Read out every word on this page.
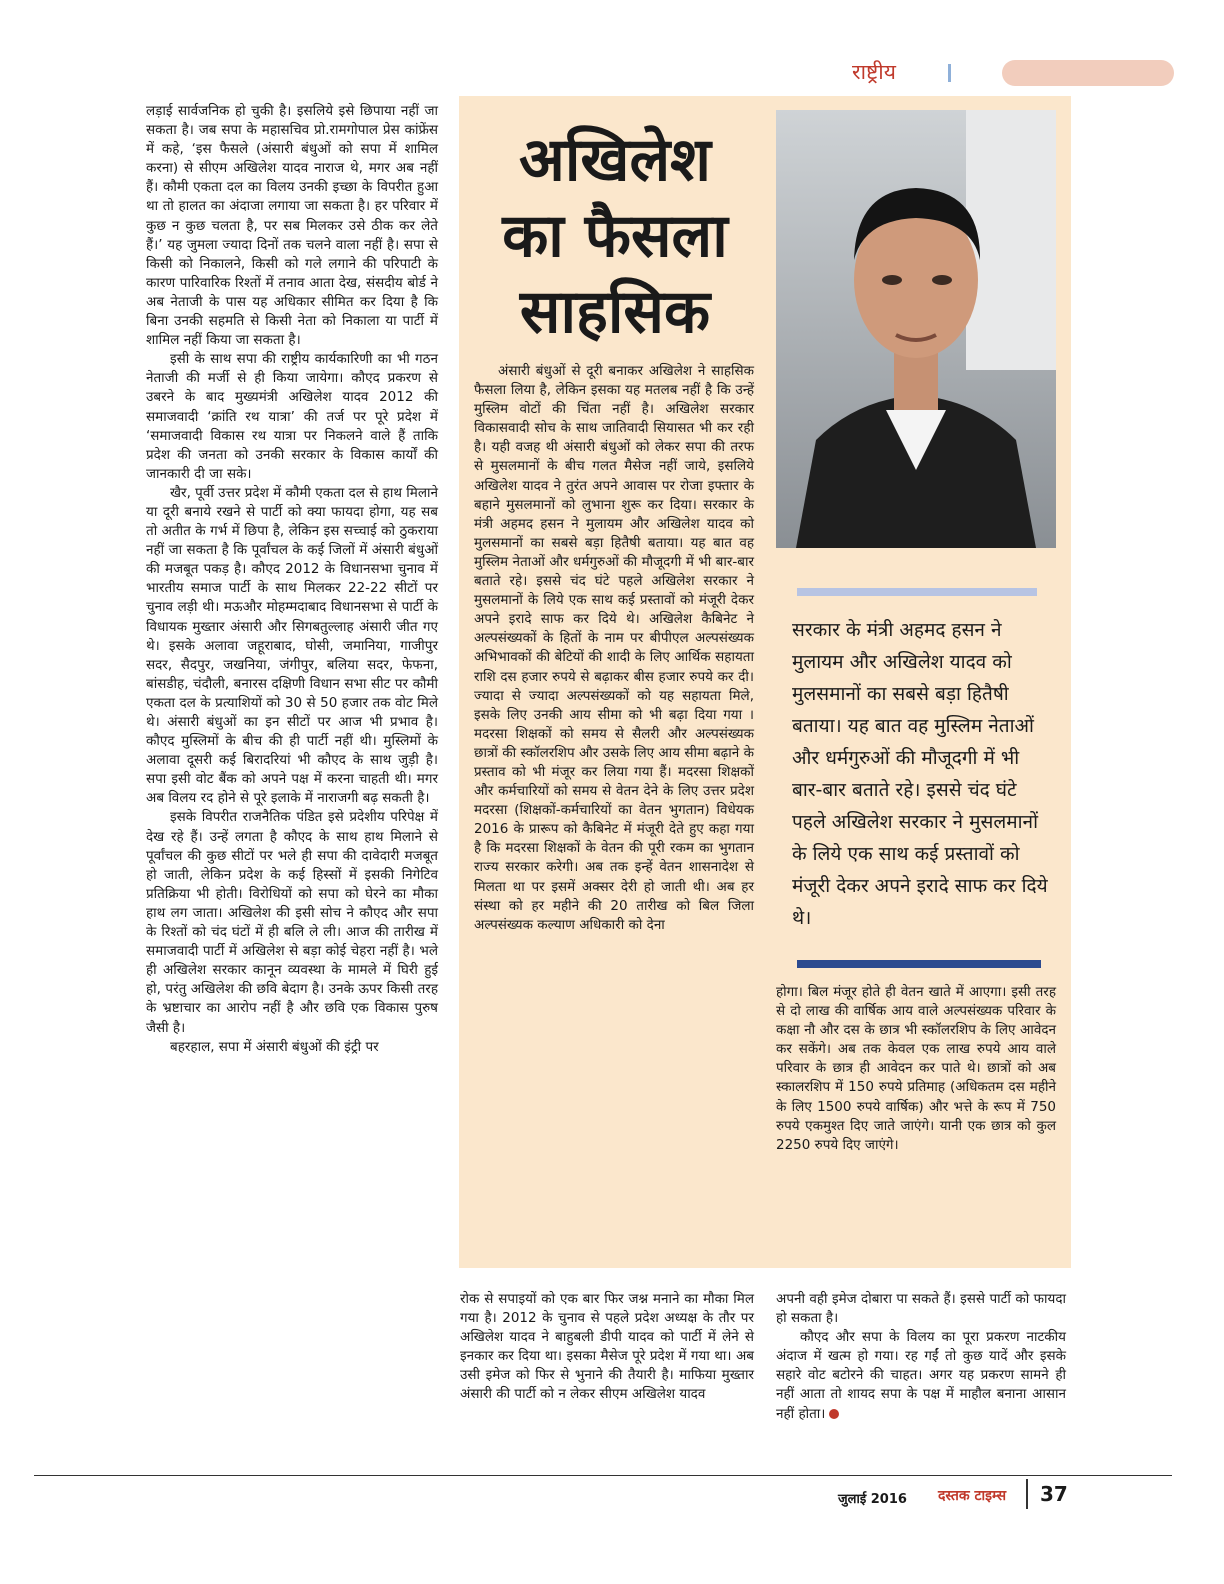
राष्ट्रीय

लड़ाई सार्वजनिक हो चुकी है। इसलिये इसे छिपाया नहीं जा सकता है। जब सपा के महासचिव प्रो.रामगोपाल प्रेस कांफ्रेंस में कहे, ‘इस फैसले (अंसारी बंधुओं को सपा में शामिल करना) से सीएम अखिलेश यादव नाराज थे, मगर अब नहीं हैं। कौमी एकता दल का विलय उनकी इच्छा के विपरीत हुआ था तो हालत का अंदाजा लगाया जा सकता है। हर परिवार में कुछ न कुछ चलता है, पर सब मिलकर उसे ठीक कर लेते हैं।’ यह जुमला ज्यादा दिनों तक चलने वाला नहीं है। सपा से किसी को निकालने, किसी को गले लगाने की परिपाटी के कारण पारिवारिक रिश्तों में तनाव आता देख, संसदीय बोर्ड ने अब नेताजी के पास यह अधिकार सीमित कर दिया है कि बिना उनकी सहमति से किसी नेता को निकाला या पार्टी में शामिल नहीं किया जा सकता है।

इसी के साथ सपा की राष्ट्रीय कार्यकारिणी का भी गठन नेताजी की मर्जी से ही किया जायेगा। कौएद प्रकरण से उबरने के बाद मुख्यमंत्री अखिलेश यादव 2012 की समाजवादी ‘क्रांति रथ यात्रा’ की तर्ज पर पूरे प्रदेश में ‘समाजवादी विकास रथ यात्रा पर निकलने वाले हैं ताकि प्रदेश की जनता को उनकी सरकार के विकास कार्यों की जानकारी दी जा सके।

खैर, पूर्वी उत्तर प्रदेश में कौमी एकता दल से हाथ मिलाने या दूरी बनाये रखने से पार्टी को क्या फायदा होगा, यह सब तो अतीत के गर्भ में छिपा है, लेकिन इस सच्चाई को ठुकराया नहीं जा सकता है कि पूर्वांचल के कई जिलों में अंसारी बंधुओं की मजबूत पकड़ है। कौएद 2012 के विधानसभा चुनाव में भारतीय समाज पार्टी के साथ मिलकर 22-22 सीटों पर चुनाव लड़ी थी। मऊऔर मोहम्मदाबाद विधानसभा से पार्टी के विधायक मुख्तार अंसारी और सिगबतुल्लाह अंसारी जीत गए थे। इसके अलावा जहूराबाद, घोसी, जमानिया, गाजीपुर सदर, सैदपुर, जखनिया, जंगीपुर, बलिया सदर, फेफना, बांसडीह, चंदौली, बनारस दक्षिणी विधान सभा सीट पर कौमी एकता दल के प्रत्याशियों को 30 से 50 हजार तक वोट मिले थे। अंसारी बंधुओं का इन सीटों पर आज भी प्रभाव है। कौएद मुस्लिमों के बीच की ही पार्टी नहीं थी। मुस्लिमों के अलावा दूसरी कई बिरादरियां भी कौएद के साथ जुड़ी है। सपा इसी वोट बैंक को अपने पक्ष में करना चाहती थी। मगर अब विलय रद होने से पूरे इलाके में नाराजगी बढ़ सकती है।

इसके विपरीत राजनैतिक पंडित इसे प्रदेशीय परिपेक्ष में देख रहे हैं। उन्हें लगता है कौएद के साथ हाथ मिलाने से पूर्वांचल की कुछ सीटों पर भले ही सपा की दावेदारी मजबूत हो जाती, लेकिन प्रदेश के कई हिस्सों में इसकी निगेटिव प्रतिक्रिया भी होती। विरोधियों को सपा को घेरने का मौका हाथ लग जाता। अखिलेश की इसी सोच ने कौएद और सपा के रिश्तों को चंद घंटों में ही बलि ले ली। आज की तारीख में समाजवादी पार्टी में अखिलेश से बड़ा कोई चेहरा नहीं है। भले ही अखिलेश सरकार कानून व्यवस्था के मामले में घिरी हुई हो, परंतु अखिलेश की छवि बेदाग है। उनके ऊपर किसी तरह के भ्रष्टाचार का आरोप नहीं है और छवि एक विकास पुरुष जैसी है।

बहरहाल, सपा में अंसारी बंधुओं की इंट्री पर

अखिलेश
का फैसला
साहसिक

अंसारी बंधुओं से दूरी बनाकर अखिलेश ने साहसिक फैसला लिया है, लेकिन इसका यह मतलब नहीं है कि उन्हें मुस्लिम वोटों की चिंता नहीं है। अखिलेश सरकार विकासवादी सोच के साथ जातिवादी सियासत भी कर रही है। यही वजह थी अंसारी बंधुओं को लेकर सपा की तरफ से मुसलमानों के बीच गलत मैसेज नहीं जाये, इसलिये अखिलेश यादव ने तुरंत अपने आवास पर रोजा इफ्तार के बहाने मुसलमानों को लुभाना शुरू कर दिया। सरकार के मंत्री अहमद हसन ने मुलायम और अखिलेश यादव को मुलसमानों का सबसे बड़ा हितैषी बताया। यह बात वह मुस्लिम नेताओं और धर्मगुरुओं की मौजूदगी में भी बार-बार बताते रहे। इससे चंद घंटे पहले अखिलेश सरकार ने मुसलमानों के लिये एक साथ कई प्रस्तावों को मंजूरी देकर अपने इरादे साफ कर दिये थे। अखिलेश कैबिनेट ने अल्पसंख्यकों के हितों के नाम पर बीपीएल अल्पसंख्यक अभिभावकों की बेटियों की शादी के लिए आर्थिक सहायता राशि दस हजार रुपये से बढ़ाकर बीस हजार रुपये कर दी। ज्यादा से ज्यादा अल्पसंख्यकों को यह सहायता मिले, इसके लिए उनकी आय सीमा को भी बढ़ा दिया गया । मदरसा शिक्षकों को समय से सैलरी और अल्पसंख्यक छात्रों की स्कॉलरशिप और उसके लिए आय सीमा बढ़ाने के प्रस्ताव को भी मंजूर कर लिया गया हैं। मदरसा शिक्षकों और कर्मचारियों को समय से वेतन देने के लिए उत्तर प्रदेश मदरसा (शिक्षकों-कर्मचारियों का वेतन भुगतान) विधेयक 2016 के प्रारूप को कैबिनेट में मंजूरी देते हुए कहा गया है कि मदरसा शिक्षकों के वेतन की पूरी रकम का भुगतान राज्य सरकार करेगी। अब तक इन्हें वेतन शासनादेश से मिलता था पर इसमें अक्सर देरी हो जाती थी। अब हर संस्था को हर महीने की 20 तारीख को बिल जिला अल्पसंख्यक कल्याण अधिकारी को देना

सरकार के मंत्री अहमद हसन ने मुलायम और अखिलेश यादव को मुलसमानों का सबसे बड़ा हितैषी बताया। यह बात वह मुस्लिम नेताओं और धर्मगुरुओं की मौजूदगी में भी बार-बार बताते रहे। इससे चंद घंटे पहले अखिलेश सरकार ने मुसलमानों के लिये एक साथ कई प्रस्तावों को मंजूरी देकर अपने इरादे साफ कर दिये थे।

होगा। बिल मंजूर होते ही वेतन खाते में आएगा। इसी तरह से दो लाख की वार्षिक आय वाले अल्पसंख्यक परिवार के कक्षा नौ और दस के छात्र भी स्कॉलरशिप के लिए आवेदन कर सकेंगे। अब तक केवल एक लाख रुपये आय वाले परिवार के छात्र ही आवेदन कर पाते थे। छात्रों को अब स्कालरशिप में 150 रुपये प्रतिमाह (अधिकतम दस महीने के लिए 1500 रुपये वार्षिक) और भत्ते के रूप में 750 रुपये एकमुश्त दिए जाते जाएंगे। यानी एक छात्र को कुल 2250 रुपये दिए जाएंगे।

रोक से सपाइयों को एक बार फिर जश्न मनाने का मौका मिल गया है। 2012 के चुनाव से पहले प्रदेश अध्यक्ष के तौर पर अखिलेश यादव ने बाहुबली डीपी यादव को पार्टी में लेने से इनकार कर दिया था। इसका मैसेज पूरे प्रदेश में गया था। अब उसी इमेज को फिर से भुनाने की तैयारी है। माफिया मुख्तार अंसारी की पार्टी को न लेकर सीएम अखिलेश यादव

अपनी वही इमेज दोबारा पा सकते हैं। इससे पार्टी को फायदा हो सकता है।

कौएद और सपा के विलय का पूरा प्रकरण नाटकीय अंदाज में खत्म हो गया। रह गईं तो कुछ यादें और इसके सहारे वोट बटोरने की चाहत। अगर यह प्रकरण सामने ही नहीं आता तो शायद सपा के पक्ष में माहौल बनाना आसान नहीं होता।

जुलाई 2016 दस्तक टाइम्स 37
